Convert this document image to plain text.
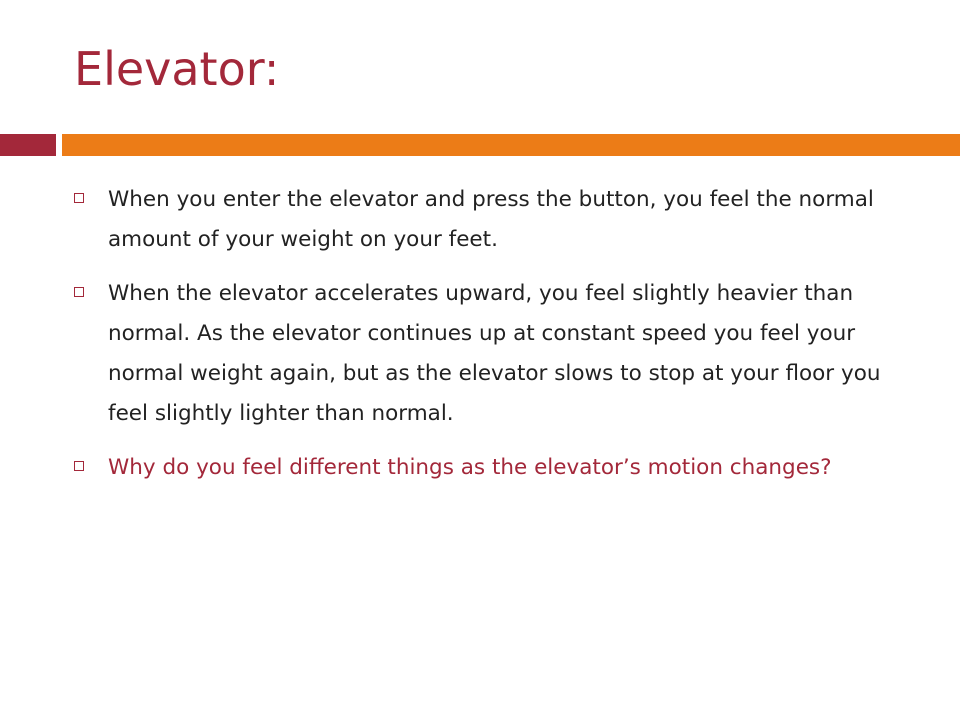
Elevator:
When you enter the elevator and press the button, you feel the normal amount of your weight on your feet.
When the elevator accelerates upward, you feel slightly heavier than normal. As the elevator continues up at constant speed you feel your normal weight again, but as the elevator slows to stop at your floor you feel slightly lighter than normal.
Why do you feel different things as the elevator’s motion changes?
